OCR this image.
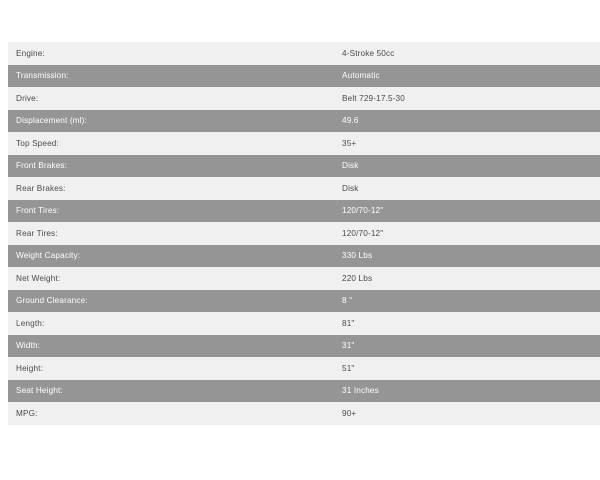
Engine:	4-Stroke 50cc
Transmission:	Automatic
Drive:	Belt 729-17.5-30
Displacement (ml):	49.6
Top Speed:	35+
Front Brakes:	Disk
Rear Brakes:	Disk
Front Tires:	120/70-12"
Rear Tires:	120/70-12"
Weight Capacity:	330 Lbs
Net Weight:	220 Lbs
Ground Clearance:	8 "
Length:	81"
Width:	31"
Height:	51"
Seat Height:	31 Inches
MPG:	90+
